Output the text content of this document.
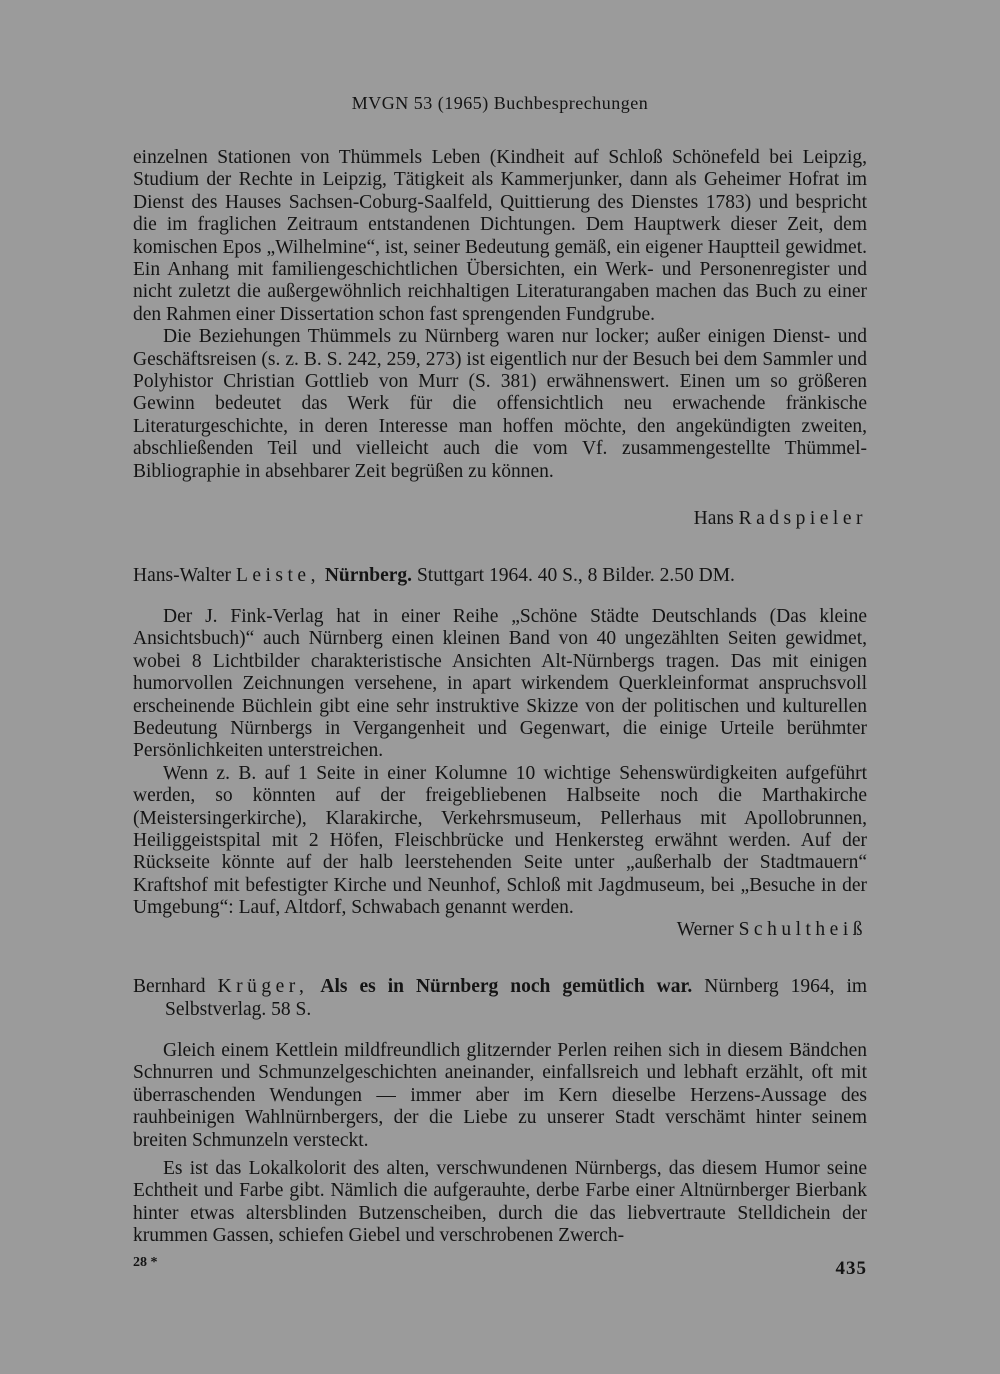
MVGN 53 (1965) Buchbesprechungen

einzelnen Stationen von Thümmels Leben (Kindheit auf Schloß Schönefeld bei Leipzig, Studium der Rechte in Leipzig, Tätigkeit als Kammerjunker, dann als Geheimer Hofrat im Dienst des Hauses Sachsen-Coburg-Saalfeld, Quittierung des Dienstes 1783) und bespricht die im fraglichen Zeitraum entstandenen Dichtungen. Dem Hauptwerk dieser Zeit, dem komischen Epos „Wilhelmine“, ist, seiner Bedeutung gemäß, ein eigener Hauptteil gewidmet. Ein Anhang mit familiengeschichtlichen Übersichten, ein Werk- und Personenregister und nicht zuletzt die außergewöhnlich reichhaltigen Literaturangaben machen das Buch zu einer den Rahmen einer Dissertation schon fast sprengenden Fundgrube.

Die Beziehungen Thümmels zu Nürnberg waren nur locker; außer einigen Dienst- und Geschäftsreisen (s. z. B. S. 242, 259, 273) ist eigentlich nur der Besuch bei dem Sammler und Polyhistor Christian Gottlieb von Murr (S. 381) erwähnenswert. Einen um so größeren Gewinn bedeutet das Werk für die offensichtlich neu erwachende fränkische Literaturgeschichte, in deren Interesse man hoffen möchte, den angekündigten zweiten, abschließenden Teil und vielleicht auch die vom Vf. zusammengestellte Thümmel-Bibliographie in absehbarer Zeit begrüßen zu können.

Hans Radspieler

Hans-Walter Leiste, Nürnberg. Stuttgart 1964. 40 S., 8 Bilder. 2.50 DM.

Der J. Fink-Verlag hat in einer Reihe „Schöne Städte Deutschlands (Das kleine Ansichtsbuch)“ auch Nürnberg einen kleinen Band von 40 ungezählten Seiten gewidmet, wobei 8 Lichtbilder charakteristische Ansichten Alt-Nürnbergs tragen. Das mit einigen humorvollen Zeichnungen versehene, in apart wirkendem Querkleinformat anspruchsvoll erscheinende Büchlein gibt eine sehr instruktive Skizze von der politischen und kulturellen Bedeutung Nürnbergs in Vergangenheit und Gegenwart, die einige Urteile berühmter Persönlichkeiten unterstreichen.

Wenn z. B. auf 1 Seite in einer Kolumne 10 wichtige Sehenswürdigkeiten aufgeführt werden, so könnten auf der freigebliebenen Halbseite noch die Marthakirche (Meistersingerkirche), Klarakirche, Verkehrsmuseum, Pellerhaus mit Apollobrunnen, Heiliggeistspital mit 2 Höfen, Fleischbrücke und Henkersteg erwähnt werden. Auf der Rückseite könnte auf der halb leerstehenden Seite unter „außerhalb der Stadtmauern“ Kraftshof mit befestigter Kirche und Neunhof, Schloß mit Jagdmuseum, bei „Besuche in der Umgebung“: Lauf, Altdorf, Schwabach genannt werden.

Werner Schultheiß

Bernhard Krüger, Als es in Nürnberg noch gemütlich war. Nürnberg 1964, im Selbstverlag. 58 S.

Gleich einem Kettlein mildfreundlich glitzernder Perlen reihen sich in diesem Bändchen Schnurren und Schmunzelgeschichten aneinander, einfallsreich und lebhaft erzählt, oft mit überraschenden Wendungen — immer aber im Kern dieselbe Herzens-Aussage des rauhbeinigen Wahlnürnbergers, der die Liebe zu unserer Stadt verschämt hinter seinem breiten Schmunzeln versteckt.

Es ist das Lokalkolorit des alten, verschwundenen Nürnbergs, das diesem Humor seine Echtheit und Farbe gibt. Nämlich die aufgerauhte, derbe Farbe einer Altnürnberger Bierbank hinter etwas altersblinden Butzenscheiben, durch die das liebvertraute Stelldichein der krummen Gassen, schiefen Giebel und verschrobenen Zwerch-

28 *	435
